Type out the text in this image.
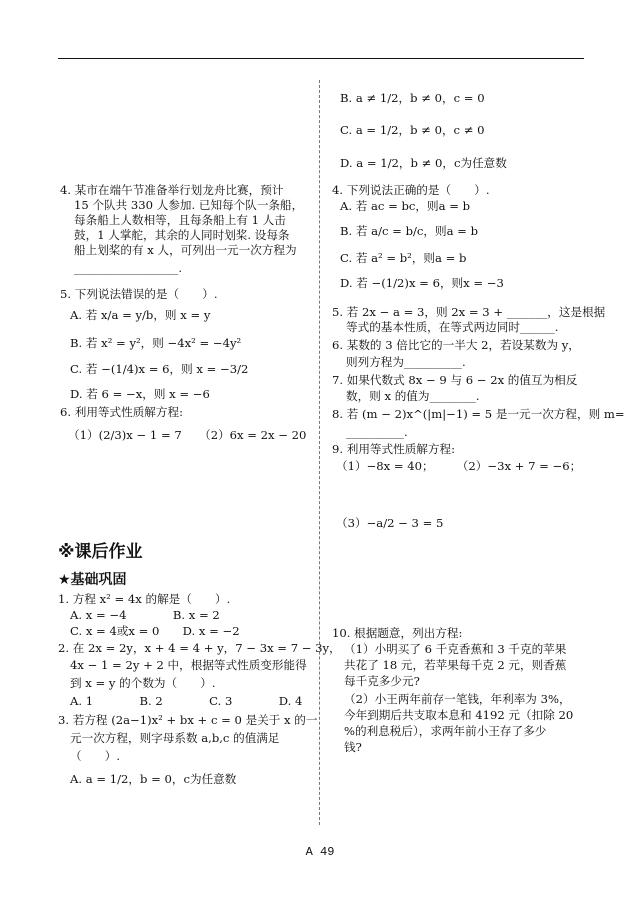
4. 某市在端午节准备举行划龙舟比赛，预计
15 个队共 330 人参加. 已知每个队一条船，
每条船上人数相等，且每条船上有 1 人击
鼓，1 人掌舵，其余的人同时划桨. 设每条
船上划桨的有 x 人，可列出一元一次方程为
__________________.
5. 下列说法错误的是（　　）.
A. 若 x/a = y/b，则 x = y
B. 若 x² = y²，则 −4x² = −4y²
C. 若 −(1/4)x = 6，则 x = −3/2
D. 若 6 = −x，则 x = −6
6. 利用等式性质解方程:
（1）(2/3)x − 1 = 7　　（2）6x = 2x − 20
※课后作业
★基础巩固
1. 方程 x² = 4x 的解是（　　）.
A. x = −4　　　　B. x = 2
C. x = 4或x = 0　　D. x = −2
2. 在 2x = 2y，x + 4 = 4 + y，7 − 3x = 7 − 3y，
4x − 1 = 2y + 2 中，根据等式性质变形能得
到 x = y 的个数为（　　）.
A. 1　　　　B. 2　　　　C. 3　　　　D. 4
3. 若方程 (2a−1)x² + bx + c = 0 是关于 x 的一
元一次方程，则字母系数 a,b,c 的值满足
（　　）.
A. a = 1/2，b = 0，c为任意数
B. a ≠ 1/2，b ≠ 0，c = 0
C. a = 1/2，b ≠ 0，c ≠ 0
D. a = 1/2，b ≠ 0，c为任意数
4. 下列说法正确的是（　　）.
A. 若 ac = bc，则a = b
B. 若 a/c = b/c，则a = b
C. 若 a² = b²，则a = b
D. 若 −(1/2)x = 6，则x = −3
5. 若 2x − a = 3，则 2x = 3 + _______，这是根据
等式的基本性质，在等式两边同时______.
6. 某数的 3 倍比它的一半大 2，若设某数为 y，
则列方程为__________.
7. 如果代数式 8x − 9 与 6 − 2x 的值互为相反
数，则 x 的值为________.
8. 若 (m − 2)x^(|m|−1) = 5 是一元一次方程，则 m=
__________.
9. 利用等式性质解方程:
（1）−8x = 40；　　　（2）−3x + 7 = −6；
（3）−a/2 − 3 = 5
10. 根据题意，列出方程:
（1）小明买了 6 千克香蕉和 3 千克的苹果
共花了 18 元，若苹果每千克 2 元，则香蕉
每千克多少元?
（2）小王两年前存一笔钱，年利率为 3%，
今年到期后共支取本息和 4192 元（扣除 20
%的利息税后），求两年前小王存了多少
钱?
A 49
